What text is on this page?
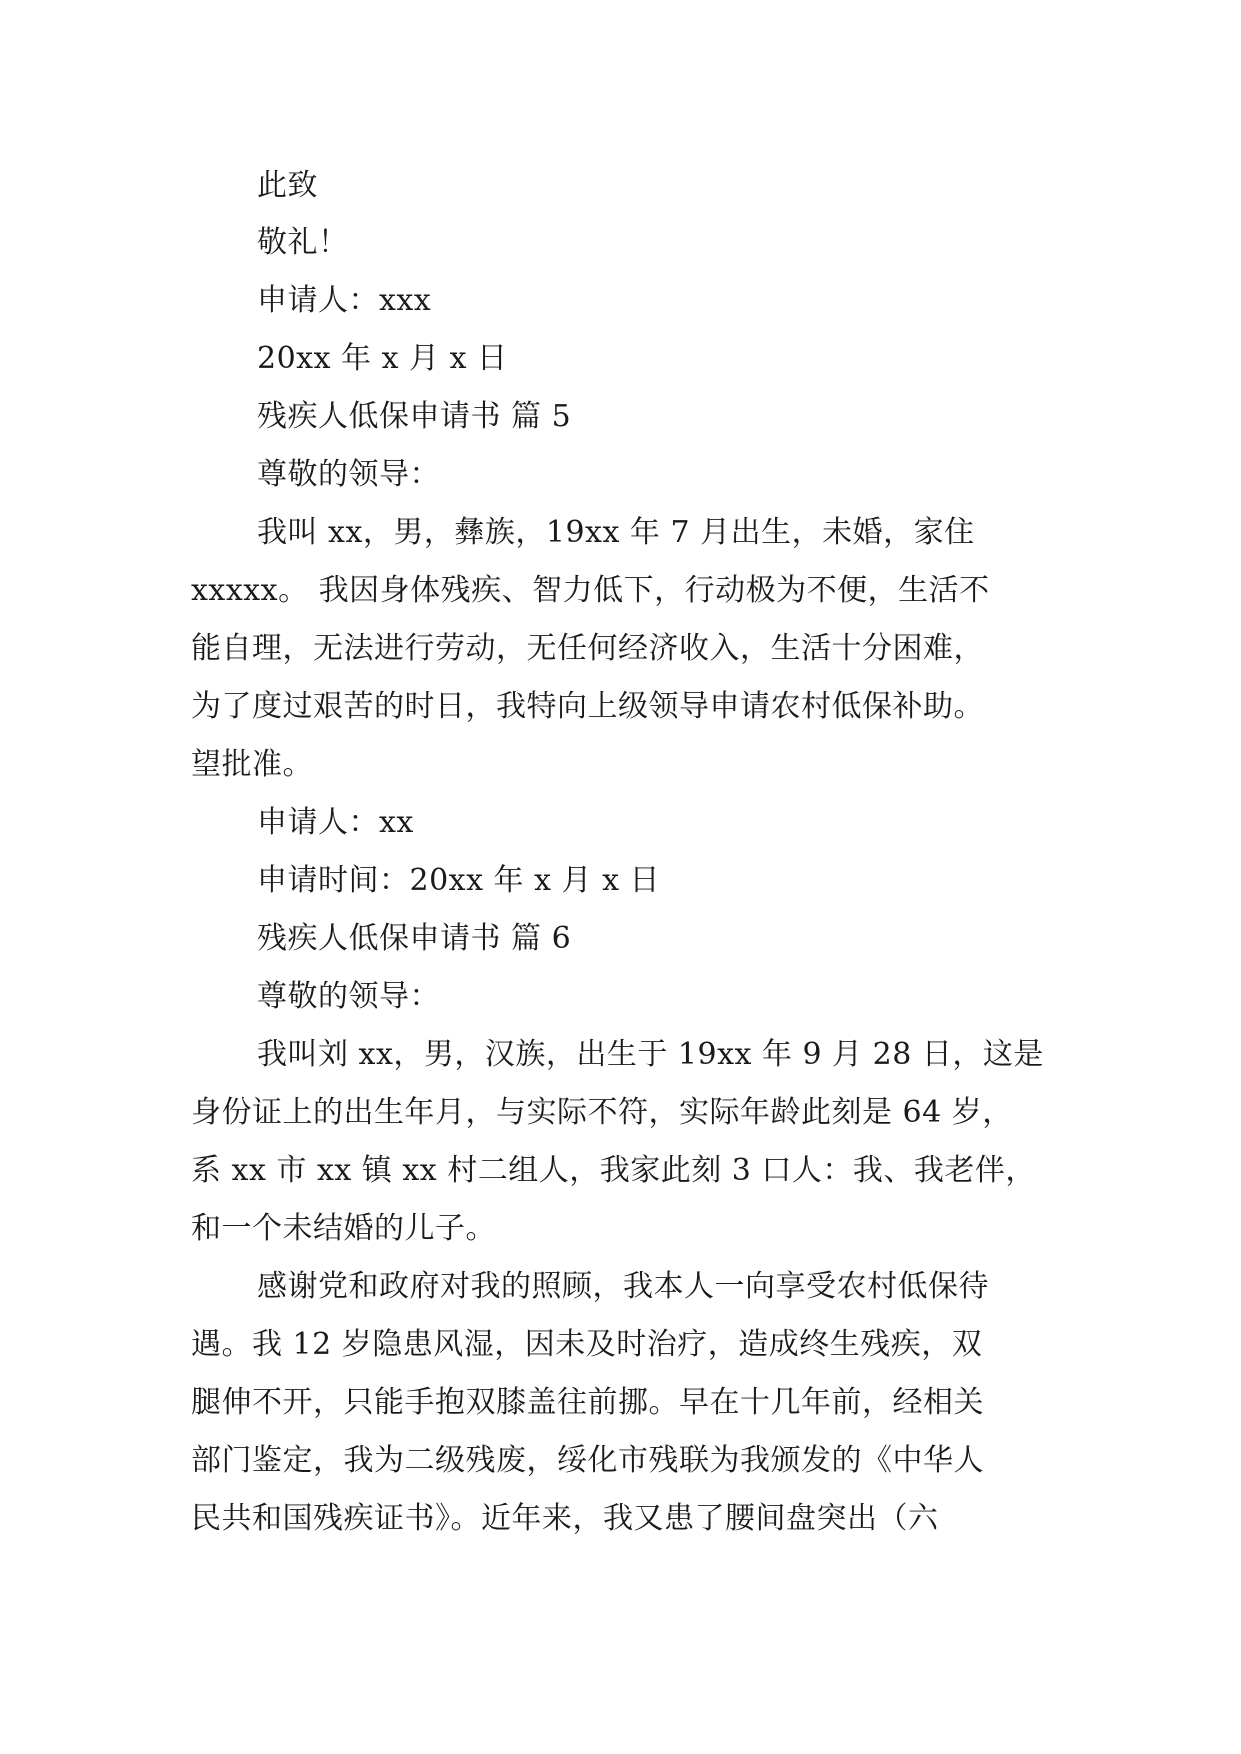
此致
敬礼！
申请人：xxx
20xx 年 x 月 x 日
残疾人低保申请书 篇 5
尊敬的领导：
我叫 xx，男，彝族，19xx 年 7 月出生，未婚，家住
xxxxx。 我因身体残疾、智力低下，行动极为不便，生活不
能自理，无法进行劳动，无任何经济收入，生活十分困难，
为了度过艰苦的时日，我特向上级领导申请农村低保补助。
望批准。
申请人：xx
申请时间：20xx 年 x 月 x 日
残疾人低保申请书 篇 6
尊敬的领导：
我叫刘 xx，男，汉族，出生于 19xx 年 9 月 28 日，这是
身份证上的出生年月，与实际不符，实际年龄此刻是 64 岁，
系 xx 市 xx 镇 xx 村二组人，我家此刻 3 口人：我、我老伴，
和一个未结婚的儿子。
感谢党和政府对我的照顾，我本人一向享受农村低保待
遇。我 12 岁隐患风湿，因未及时治疗，造成终生残疾，双
腿伸不开，只能手抱双膝盖往前挪。早在十几年前，经相关
部门鉴定，我为二级残废，绥化市残联为我颁发的《中华人
民共和国残疾证书》。近年来，我又患了腰间盘突出（六
